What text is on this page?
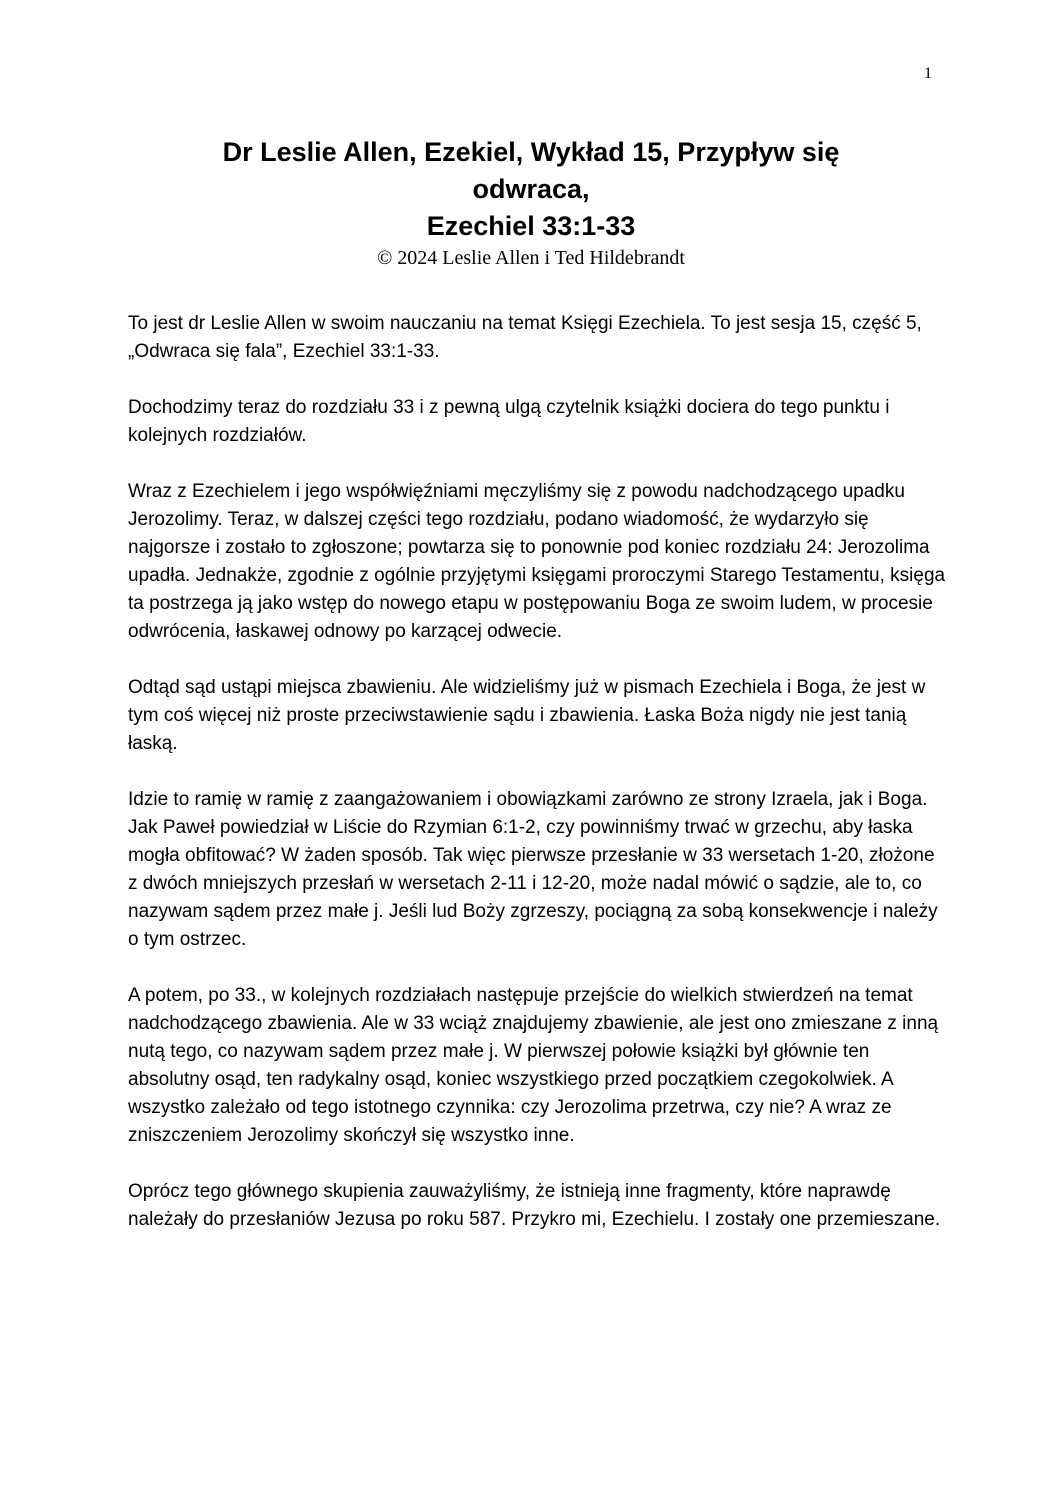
1
Dr Leslie Allen, Ezekiel, Wykład 15, Przypływ się
odwraca,
Ezechiel 33:1-33
© 2024 Leslie Allen i Ted Hildebrandt

To jest dr Leslie Allen w swoim nauczaniu na temat Księgi Ezechiela. To jest sesja 15, część 5, „Odwraca się fala”, Ezechiel 33:1-33.

Dochodzimy teraz do rozdziału 33 i z pewną ulgą czytelnik książki dociera do tego punktu i kolejnych rozdziałów.

Wraz z Ezechielem i jego współwięźniami męczyliśmy się z powodu nadchodzącego upadku Jerozolimy. Teraz, w dalszej części tego rozdziału, podano wiadomość, że wydarzyło się najgorsze i zostało to zgłoszone; powtarza się to ponownie pod koniec rozdziału 24: Jerozolima upadła. Jednakże, zgodnie z ogólnie przyjętymi księgami proroczymi Starego Testamentu, księga ta postrzega ją jako wstęp do nowego etapu w postępowaniu Boga ze swoim ludem, w procesie odwrócenia, łaskawej odnowy po karzącej odwecie.

Odtąd sąd ustąpi miejsca zbawieniu. Ale widzieliśmy już w pismach Ezechiela i Boga, że jest w tym coś więcej niż proste przeciwstawienie sądu i zbawienia. Łaska Boża nigdy nie jest tanią łaską.

Idzie to ramię w ramię z zaangażowaniem i obowiązkami zarówno ze strony Izraela, jak i Boga. Jak Paweł powiedział w Liście do Rzymian 6:1-2, czy powinniśmy trwać w grzechu, aby łaska mogła obfitować? W żaden sposób. Tak więc pierwsze przesłanie w 33 wersetach 1-20, złożone z dwóch mniejszych przesłań w wersetach 2-11 i 12-20, może nadal mówić o sądzie, ale to, co nazywam sądem przez małe j. Jeśli lud Boży zgrzeszy, pociągną za sobą konsekwencje i należy o tym ostrzec.

A potem, po 33., w kolejnych rozdziałach następuje przejście do wielkich stwierdzeń na temat nadchodzącego zbawienia. Ale w 33 wciąż znajdujemy zbawienie, ale jest ono zmieszane z inną nutą tego, co nazywam sądem przez małe j. W pierwszej połowie książki był głównie ten absolutny osąd, ten radykalny osąd, koniec wszystkiego przed początkiem czegokolwiek. A wszystko zależało od tego istotnego czynnika: czy Jerozolima przetrwa, czy nie? A wraz ze zniszczeniem Jerozolimy skończył się wszystko inne.

Oprócz tego głównego skupienia zauważyliśmy, że istnieją inne fragmenty, które naprawdę należały do przesłaniów Jezusa po roku 587. Przykro mi, Ezechielu. I zostały one przemieszane.
